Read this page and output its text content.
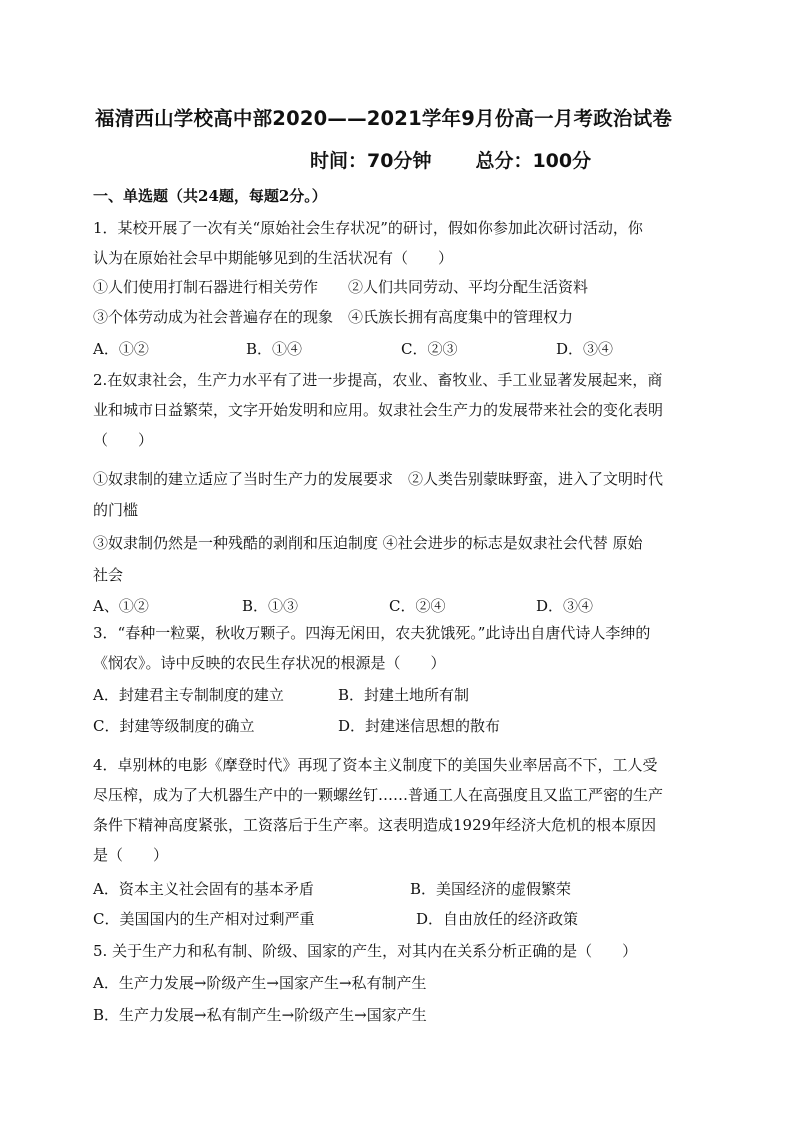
福清西山学校高中部2020——2021学年9月份高一月考政治试卷
时间：70分钟 总分：100分
一、单选题（共24题，每题2分。）
1．某校开展了一次有关“原始社会生存状况”的研讨，假如你参加此次研讨活动，你
认为在原始社会早中期能够见到的生活状况有（　　）
①人们使用打制石器进行相关劳作　　②人们共同劳动、平均分配生活资料
③个体劳动成为社会普遍存在的现象　④氏族长拥有高度集中的管理权力
A．①②	B．①④	C．②③	D．③④
2.在奴隶社会，生产力水平有了进一步提高，农业、畜牧业、手工业显著发展起来，商
业和城市日益繁荣，文字开始发明和应用。奴隶社会生产力的发展带来社会的变化表明
（　　）
①奴隶制的建立适应了当时生产力的发展要求　②人类告别蒙昧野蛮，进入了文明时代
的门槛
③奴隶制仍然是一种残酷的剥削和压迫制度 ④社会进步的标志是奴隶社会代替 原始
社会
A、①②	B．①③	C．②④	D．③④
3．“春种一粒粟，秋收万颗子。四海无闲田，农夫犹饿死。”此诗出自唐代诗人李绅的
《悯农》。诗中反映的农民生存状况的根源是（　　）
A．封建君主专制制度的建立	B．封建土地所有制
C．封建等级制度的确立	D．封建迷信思想的散布
4．卓别林的电影《摩登时代》再现了资本主义制度下的美国失业率居高不下，工人受
尽压榨，成为了大机器生产中的一颗螺丝钉……普通工人在高强度且又监工严密的生产
条件下精神高度紧张，工资落后于生产率。这表明造成1929年经济大危机的根本原因
是（　　）
A．资本主义社会固有的基本矛盾	B．美国经济的虚假繁荣
C．美国国内的生产相对过剩严重	D．自由放任的经济政策
5. 关于生产力和私有制、阶级、国家的产生，对其内在关系分析正确的是（　　）
A．生产力发展→阶级产生→国家产生→私有制产生
B．生产力发展→私有制产生→阶级产生→国家产生
